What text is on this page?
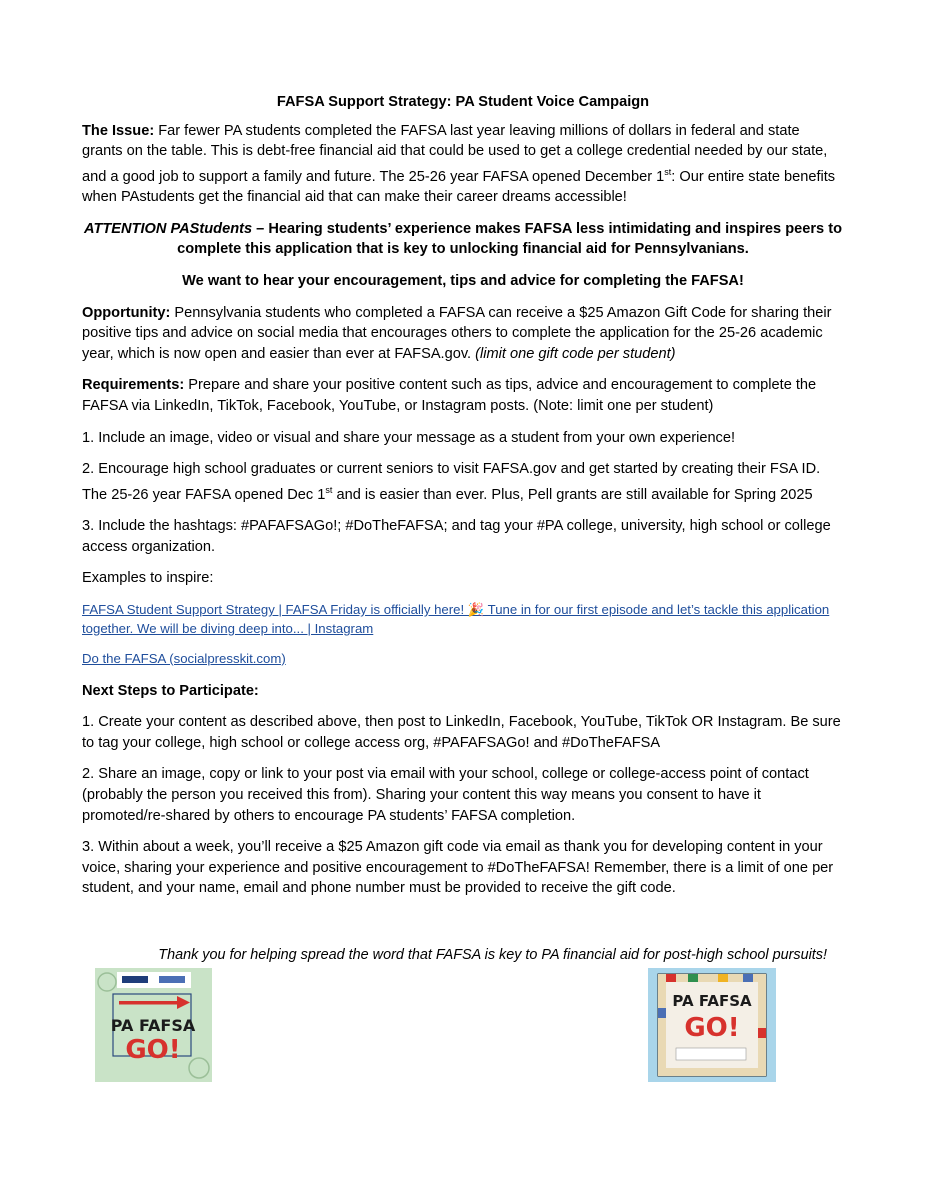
FAFSA Support Strategy: PA Student Voice Campaign

The Issue: Far fewer PA students completed the FAFSA last year leaving millions of dollars in federal and state grants on the table. This is debt-free financial aid that could be used to get a college credential needed by our state, and a good job to support a family and future. The 25-26 year FAFSA opened December 1st: Our entire state benefits when PAstudents get the financial aid that can make their career dreams accessible!

ATTENTION PAStudents – Hearing students’ experience makes FAFSA less intimidating and inspires peers to complete this application that is key to unlocking financial aid for Pennsylvanians.

We want to hear your encouragement, tips and advice for completing the FAFSA!

Opportunity: Pennsylvania students who completed a FAFSA can receive a $25 Amazon Gift Code for sharing their positive tips and advice on social media that encourages others to complete the application for the 25-26 academic year, which is now open and easier than ever at FAFSA.gov. (limit one gift code per student)

Requirements: Prepare and share your positive content such as tips, advice and encouragement to complete the FAFSA via LinkedIn, TikTok, Facebook, YouTube, or Instagram posts. (Note: limit one per student)

1. Include an image, video or visual and share your message as a student from your own experience!

2. Encourage high school graduates or current seniors to visit FAFSA.gov and get started by creating their FSA ID. The 25-26 year FAFSA opened Dec 1st and is easier than ever. Plus, Pell grants are still available for Spring 2025

3. Include the hashtags: #PAFAFSAGo!; #DoTheFAFSA; and tag your #PA college, university, high school or college access organization.

Examples to inspire:

FAFSA Student Support Strategy | FAFSA Friday is officially here! 🎉 Tune in for our first episode and let’s tackle this application together. We will be diving deep into... | Instagram

Do the FAFSA (socialpresskit.com)

Next Steps to Participate:

1. Create your content as described above, then post to LinkedIn, Facebook, YouTube, TikTok OR Instagram. Be sure to tag your college, high school or college access org, #PAFAFSAGo! and #DoTheFAFSA

2. Share an image, copy or link to your post via email with your school, college or college-access point of contact (probably the person you received this from). Sharing your content this way means you consent to have it promoted/re-shared by others to encourage PA students’ FAFSA completion.

3. Within about a week, you’ll receive a $25 Amazon gift code via email as thank you for developing content in your voice, sharing your experience and positive encouragement to #DoTheFAFSA! Remember, there is a limit of one per student, and your name, email and phone number must be provided to receive the gift code.

Thank you for helping spread the word that FAFSA is key to PA financial aid for post-high school pursuits!
PA FAFSA
GO!
PA FAFSA
GO!
